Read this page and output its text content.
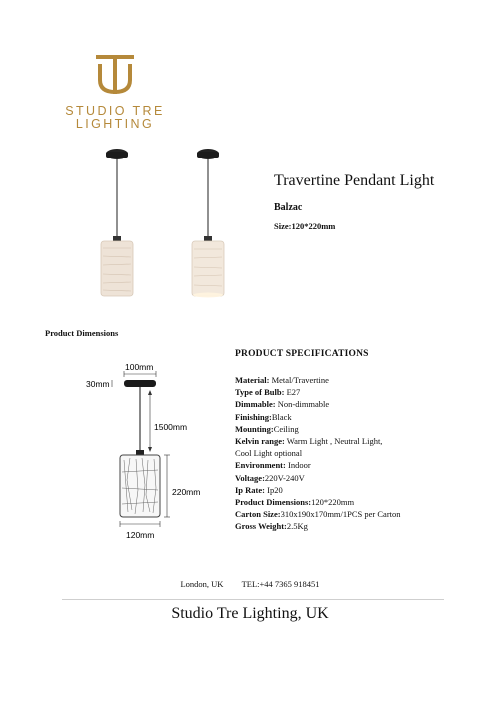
STUDIO TRE
LIGHTING
Travertine Pendant Light
Balzac
Size:120*220mm
Product Dimensions
100mm
30mm
1500mm
220mm
120mm
PRODUCT SPECIFICATIONS
Material: Metal/Travertine
Type of Bulb: E27
Dimmable: Non-dimmable
Finishing:Black
Mounting:Ceiling
Kelvin range: Warm Light , Neutral Light,
Cool Light optional
Environment: Indoor
Voltage:220V-240V
Ip Rate: Ip20
Product Dimensions:120*220mm
Carton Size:310x190x170mm/1PCS per Carton
Gross Weight:2.5Kg
London, UK TEL:+44 7365 918451
Studio Tre Lighting, UK
